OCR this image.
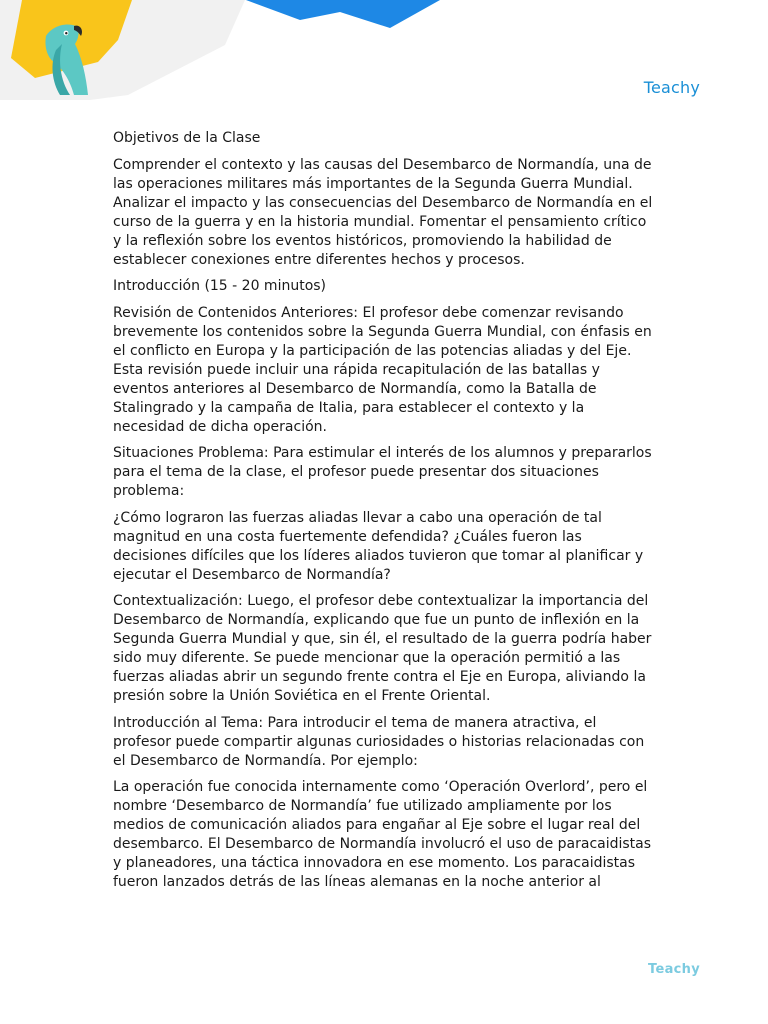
Teachy
Objetivos de la Clase

Comprender el contexto y las causas del Desembarco de Normandía, una de las operaciones militares más importantes de la Segunda Guerra Mundial. Analizar el impacto y las consecuencias del Desembarco de Normandía en el curso de la guerra y en la historia mundial. Fomentar el pensamiento crítico y la reflexión sobre los eventos históricos, promoviendo la habilidad de establecer conexiones entre diferentes hechos y procesos.

Introducción (15 - 20 minutos)

Revisión de Contenidos Anteriores: El profesor debe comenzar revisando brevemente los contenidos sobre la Segunda Guerra Mundial, con énfasis en el conflicto en Europa y la participación de las potencias aliadas y del Eje. Esta revisión puede incluir una rápida recapitulación de las batallas y eventos anteriores al Desembarco de Normandía, como la Batalla de Stalingrado y la campaña de Italia, para establecer el contexto y la necesidad de dicha operación.

Situaciones Problema: Para estimular el interés de los alumnos y prepararlos para el tema de la clase, el profesor puede presentar dos situaciones problema:

¿Cómo lograron las fuerzas aliadas llevar a cabo una operación de tal magnitud en una costa fuertemente defendida? ¿Cuáles fueron las decisiones difíciles que los líderes aliados tuvieron que tomar al planificar y ejecutar el Desembarco de Normandía?

Contextualización: Luego, el profesor debe contextualizar la importancia del Desembarco de Normandía, explicando que fue un punto de inflexión en la Segunda Guerra Mundial y que, sin él, el resultado de la guerra podría haber sido muy diferente. Se puede mencionar que la operación permitió a las fuerzas aliadas abrir un segundo frente contra el Eje en Europa, aliviando la presión sobre la Unión Soviética en el Frente Oriental.

Introducción al Tema: Para introducir el tema de manera atractiva, el profesor puede compartir algunas curiosidades o historias relacionadas con el Desembarco de Normandía. Por ejemplo:

La operación fue conocida internamente como ‘Operación Overlord’, pero el nombre ‘Desembarco de Normandía’ fue utilizado ampliamente por los medios de comunicación aliados para engañar al Eje sobre el lugar real del desembarco. El Desembarco de Normandía involucró el uso de paracaidistas y planeadores, una táctica innovadora en ese momento. Los paracaidistas fueron lanzados detrás de las líneas alemanas en la noche anterior al

Teachy
